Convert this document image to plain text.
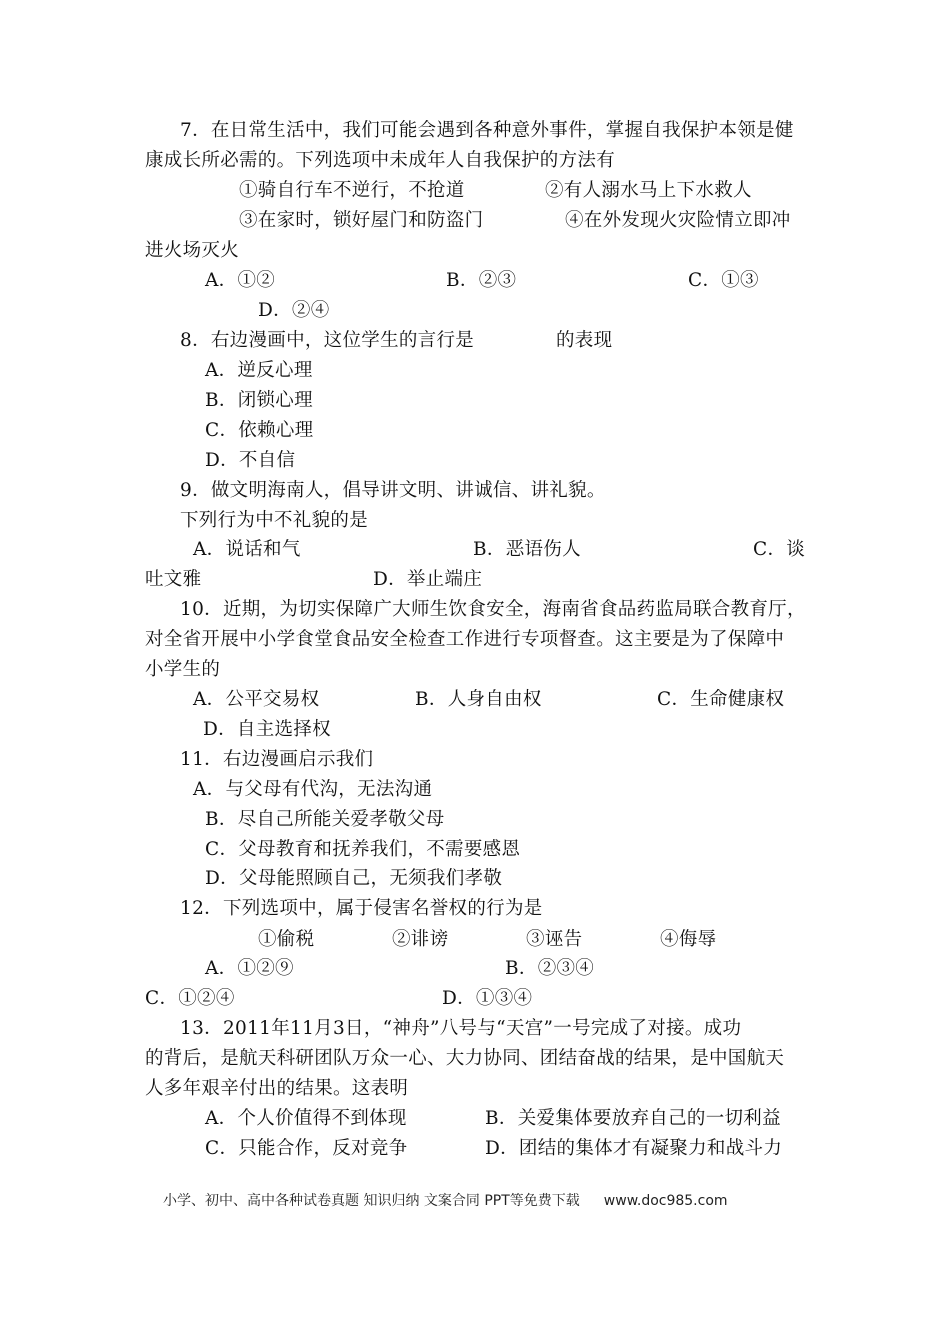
7．在日常生活中，我们可能会遇到各种意外事件，掌握自我保护本领是健
康成长所必需的。下列选项中未成年人自我保护的方法有
①骑自行车不逆行，不抢道	②有人溺水马上下水救人
③在家时，锁好屋门和防盗门	④在外发现火灾险情立即冲
进火场灭火
A．①②	B．②③	C．①③
D．②④
8．右边漫画中，这位学生的言行是	的表现
A．逆反心理
B．闭锁心理
C．依赖心理
D．不自信
9．做文明海南人，倡导讲文明、讲诚信、讲礼貌。
下列行为中不礼貌的是
A．说话和气	B．恶语伤人	C．谈
吐文雅	D．举止端庄
10．近期，为切实保障广大师生饮食安全，海南省食品药监局联合教育厅，
对全省开展中小学食堂食品安全检查工作进行专项督查。这主要是为了保障中
小学生的
A．公平交易权	B．人身自由权	C．生命健康权
D．自主选择权
11．右边漫画启示我们
A．与父母有代沟，无法沟通
B．尽自己所能关爱孝敬父母
C．父母教育和抚养我们，不需要感恩
D．父母能照顾自己，无须我们孝敬
12．下列选项中，属于侵害名誉权的行为是
①偷税	②诽谤	③诬告	④侮辱
A．①②⑨	B．②③④
C．①②④	D．①③④
13．2011年11月3日，“神舟”八号与“天宫”一号完成了对接。成功
的背后，是航天科研团队万众一心、大力协同、团结奋战的结果，是中国航天
人多年艰辛付出的结果。这表明
A．个人价值得不到体现	B．关爱集体要放弃自己的一切利益
C．只能合作，反对竞争	D．团结的集体才有凝聚力和战斗力
小学、初中、高中各种试卷真题 知识归纳 文案合同 PPT等免费下载 www.doc985.com
